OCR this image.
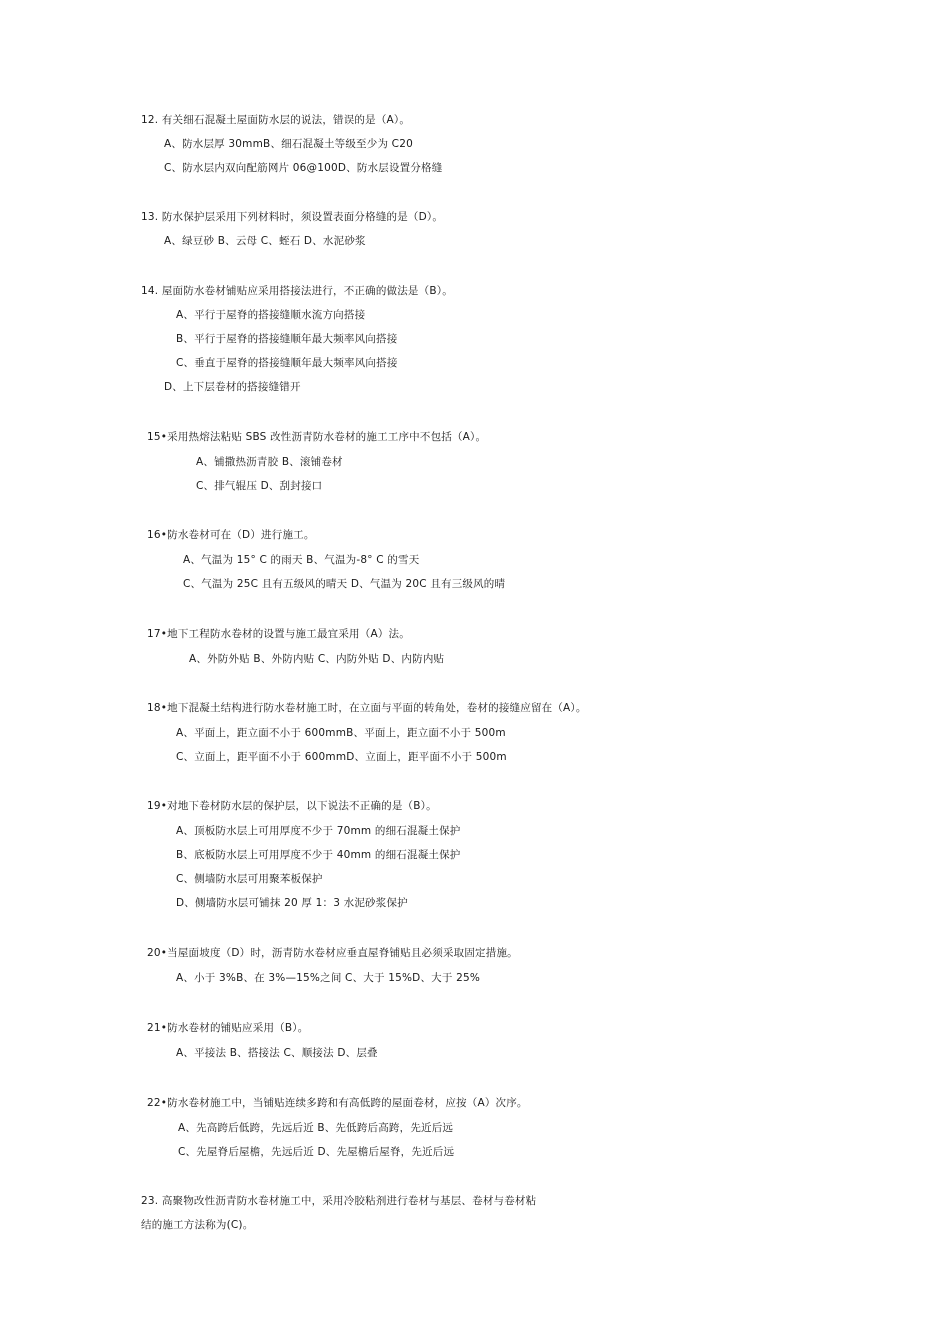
12. 有关细石混凝土屋面防水层的说法，错误的是（A）。
A、防水层厚 30mmB、细石混凝土等级至少为 C20
C、防水层内双向配筋网片 06@100D、防水层设置分格缝
13. 防水保护层采用下列材料时，须设置表面分格缝的是（D）。
A、绿豆砂 B、云母 C、蛭石 D、水泥砂浆
14. 屋面防水卷材铺贴应采用搭接法进行，不正确的做法是（B）。
A、平行于屋脊的搭接缝顺水流方向搭接
B、平行于屋脊的搭接缝顺年最大频率风向搭接
C、垂直于屋脊的搭接缝顺年最大频率风向搭接
D、上下层卷材的搭接缝错开
15•采用热熔法粘贴 SBS 改性沥青防水卷材的施工工序中不包括（A）。
A、铺撒热沥青胶 B、滚铺卷材
C、排气辊压 D、刮封接口
16•防水卷材可在（D）进行施工。
A、气温为 15° C 的雨天 B、气温为-8° C 的雪天
C、气温为 25C 且有五级风的晴天 D、气温为 20C 且有三级风的晴
17•地下工程防水卷材的设置与施工最宜采用（A）法。
A、外防外贴 B、外防内贴 C、内防外贴 D、内防内贴
18•地下混凝土结构进行防水卷材施工时，在立面与平面的转角处，卷材的接缝应留在（A）。
A、平面上，距立面不小于 600mmB、平面上，距立面不小于 500m
C、立面上，距平面不小于 600mmD、立面上，距平面不小于 500m
19•对地下卷材防水层的保护层，以下说法不正确的是（B）。
A、顶板防水层上可用厚度不少于 70mm 的细石混凝土保护
B、底板防水层上可用厚度不少于 40mm 的细石混凝土保护
C、侧墙防水层可用聚苯板保护
D、侧墙防水层可铺抹 20 厚 1：3 水泥砂浆保护
20•当屋面坡度（D）时，沥青防水卷材应垂直屋脊铺贴且必须采取固定措施。
A、小于 3%B、在 3%—15%之间 C、大于 15%D、大于 25%
21•防水卷材的铺贴应采用（B）。
A、平接法 B、搭接法 C、顺接法 D、层叠
22•防水卷材施工中，当铺贴连续多跨和有高低跨的屋面卷材，应按（A）次序。
A、先高跨后低跨，先远后近 B、先低跨后高跨，先近后远
C、先屋脊后屋檐，先远后近 D、先屋檐后屋脊，先近后远
23. 高聚物改性沥青防水卷材施工中，采用冷胶粘剂进行卷材与基层、卷材与卷材粘
结的施工方法称为(C)。
